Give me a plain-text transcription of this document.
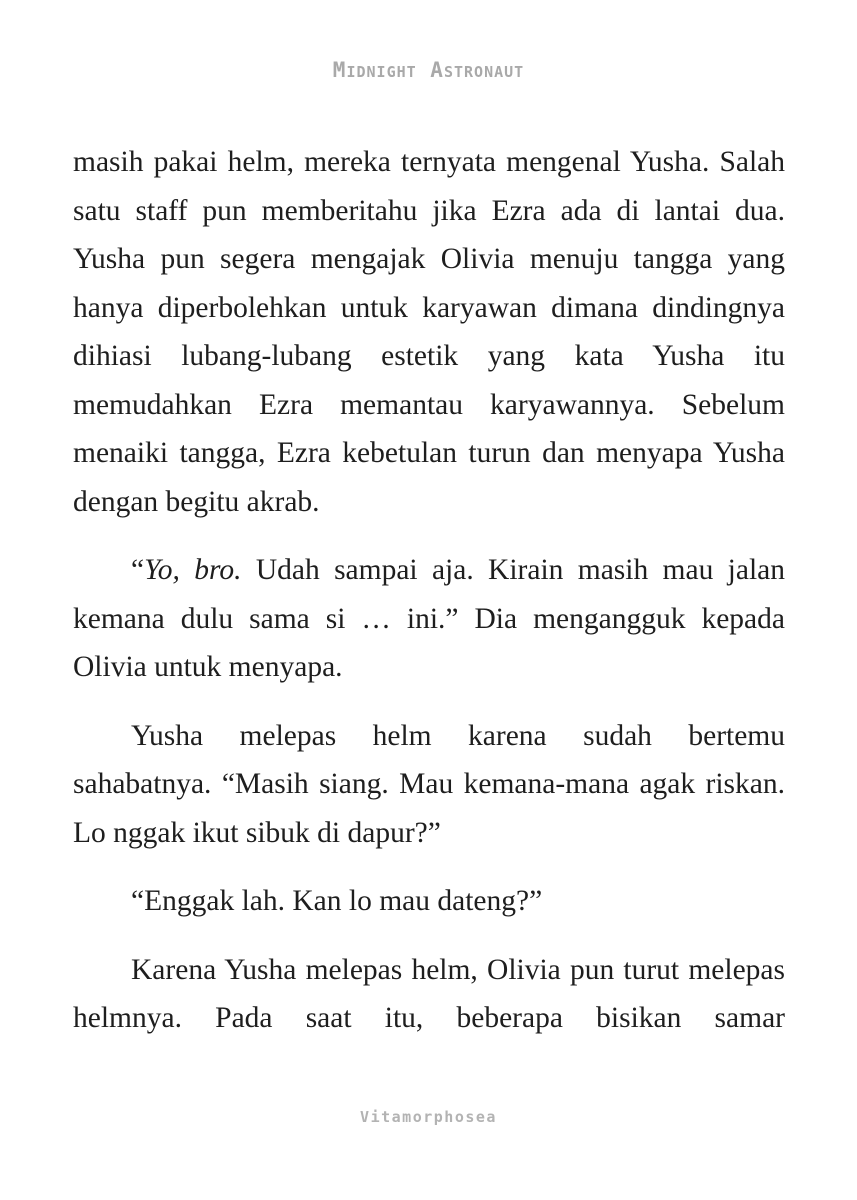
Midnight Astronaut

masih pakai helm, mereka ternyata mengenal Yusha. Salah satu staff pun memberitahu jika Ezra ada di lantai dua. Yusha pun segera mengajak Olivia menuju tangga yang hanya diperbolehkan untuk karyawan dimana dindingnya dihiasi lubang-lubang estetik yang kata Yusha itu memudahkan Ezra memantau karyawannya. Sebelum menaiki tangga, Ezra kebetulan turun dan menyapa Yusha dengan begitu akrab.

“Yo, bro. Udah sampai aja. Kirain masih mau jalan kemana dulu sama si … ini.” Dia mengangguk kepada Olivia untuk menyapa.

Yusha melepas helm karena sudah bertemu sahabatnya. “Masih siang. Mau kemana-mana agak riskan. Lo nggak ikut sibuk di dapur?”

“Enggak lah. Kan lo mau dateng?”

Karena Yusha melepas helm, Olivia pun turut melepas helmnya. Pada saat itu, beberapa bisikan samar

Vitamorphosea
